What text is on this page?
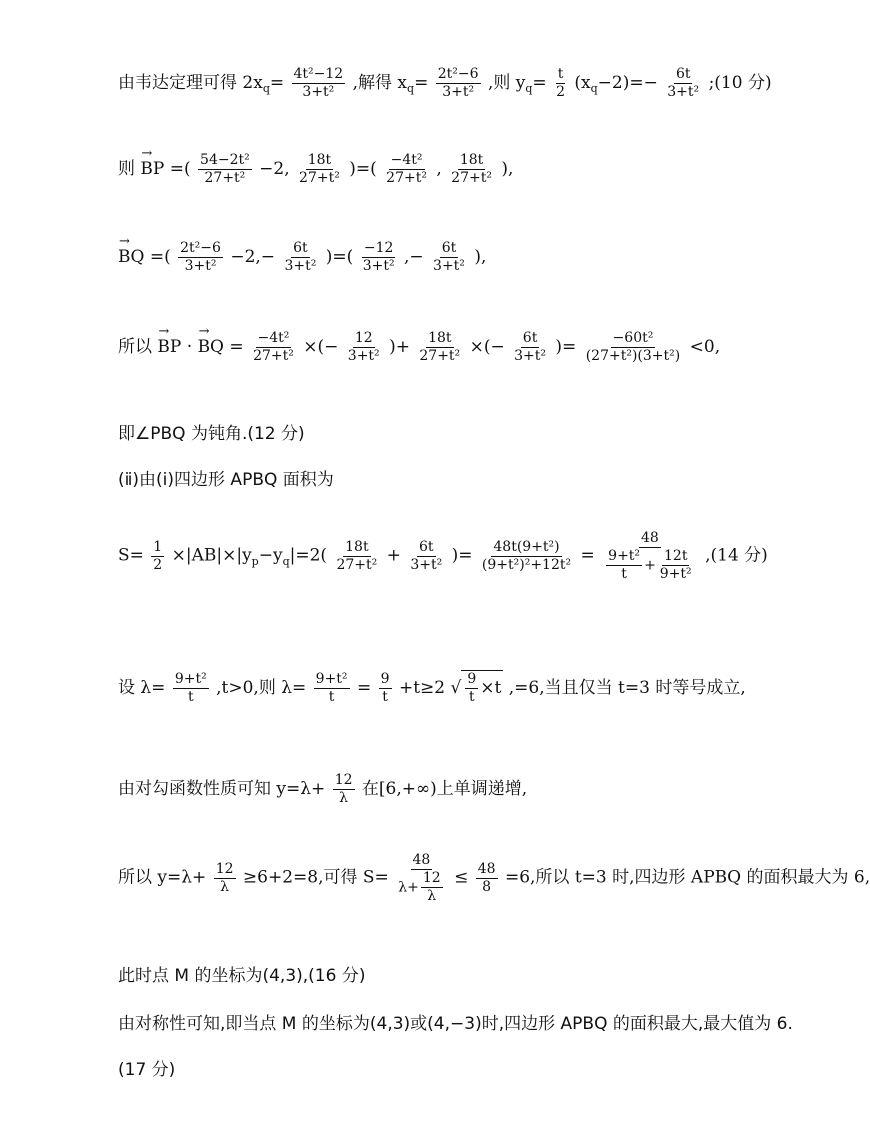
由韦达定理可得 $2x_q= \frac{\text{4t²−12}}{\text{3+t²}}$ ,解得 $x_q= \frac{\text{2t²−6}}{\text{3+t²}}$ ,则 $y_q= \frac{t}{2} (x_q-2)=- \frac{6t}{\text{3+t²}}$ ;(10 分)
则 → BP =( $\frac{\text{54−2t²}}{\text{27+t²}} -2$, $\frac{18t}{\text{27+t²}}$ )=( $\frac{\text{−4t²}}{\text{27+t²}}$ , $\frac{18t}{\text{27+t²}}$ ),
→ BQ =( $\frac{\text{2t²−6}}{\text{3+t²}} -2,- \frac{6t}{\text{3+t²}}$ )=( $\frac{-12}{\text{3+t²}}$ ,− $\frac{6t}{\text{3+t²}}$ ),
所以 → BP · → BQ = $\frac{\text{−4t²}}{\text{27+t²}}$ ×(− $\frac{12}{\text{3+t²}}$ )+ $\frac{18t}{\text{27+t²}}$ ×(− $\frac{6t}{\text{3+t²}}$ )= $\frac{\text{−60t²}}{\text{(27+t²)(3+t²)}} <0$,
即∠PBQ 为钝角.(12 分)
(ⅱ)由(ⅰ)四边形 APBQ 面积为
$S= \frac{1}{2} \times|AB|\times|y_p-y_q|=2( \frac{18t}{\text{27+t²}} + \frac{6t}{\text{3+t²}}$ )= $\frac{\text{48t(9+t²)}}{\text{(9+t²)²+12t²}} = \frac{48}{\frac{\text{9+t²}}{t} + \frac{12t}{\text{9+t²}}} ,(14$ 分)
设 $\lambda= \frac{\text{9+t²}}{t} ,t>0$,则 $\lambda= \frac{\text{9+t²}}{t} = \frac{9}{t} +t\ge 2$ √ $\frac{9}{t} \times t$ ,=6,当且仅当 t=3 时等号成立,
由对勾函数性质可知 $y=\lambda+ \frac{12}{\lambda}$ 在[6,+∞)上单调递增,
所以 $y=\lambda+ \frac{12}{\lambda} \ge 6+2=8$,可得 $S= \frac{48}{\lambda+ \frac{12}{\lambda}} \le \frac{48}{8} =6$,所以 t=3 时,四边形 APBQ 的面积最大为 6,
此时点 M 的坐标为(4,3),(16 分)
由对称性可知,即当点 M 的坐标为(4,3)或(4,−3)时,四边形 APBQ 的面积最大,最大值为 6.
(17 分)
